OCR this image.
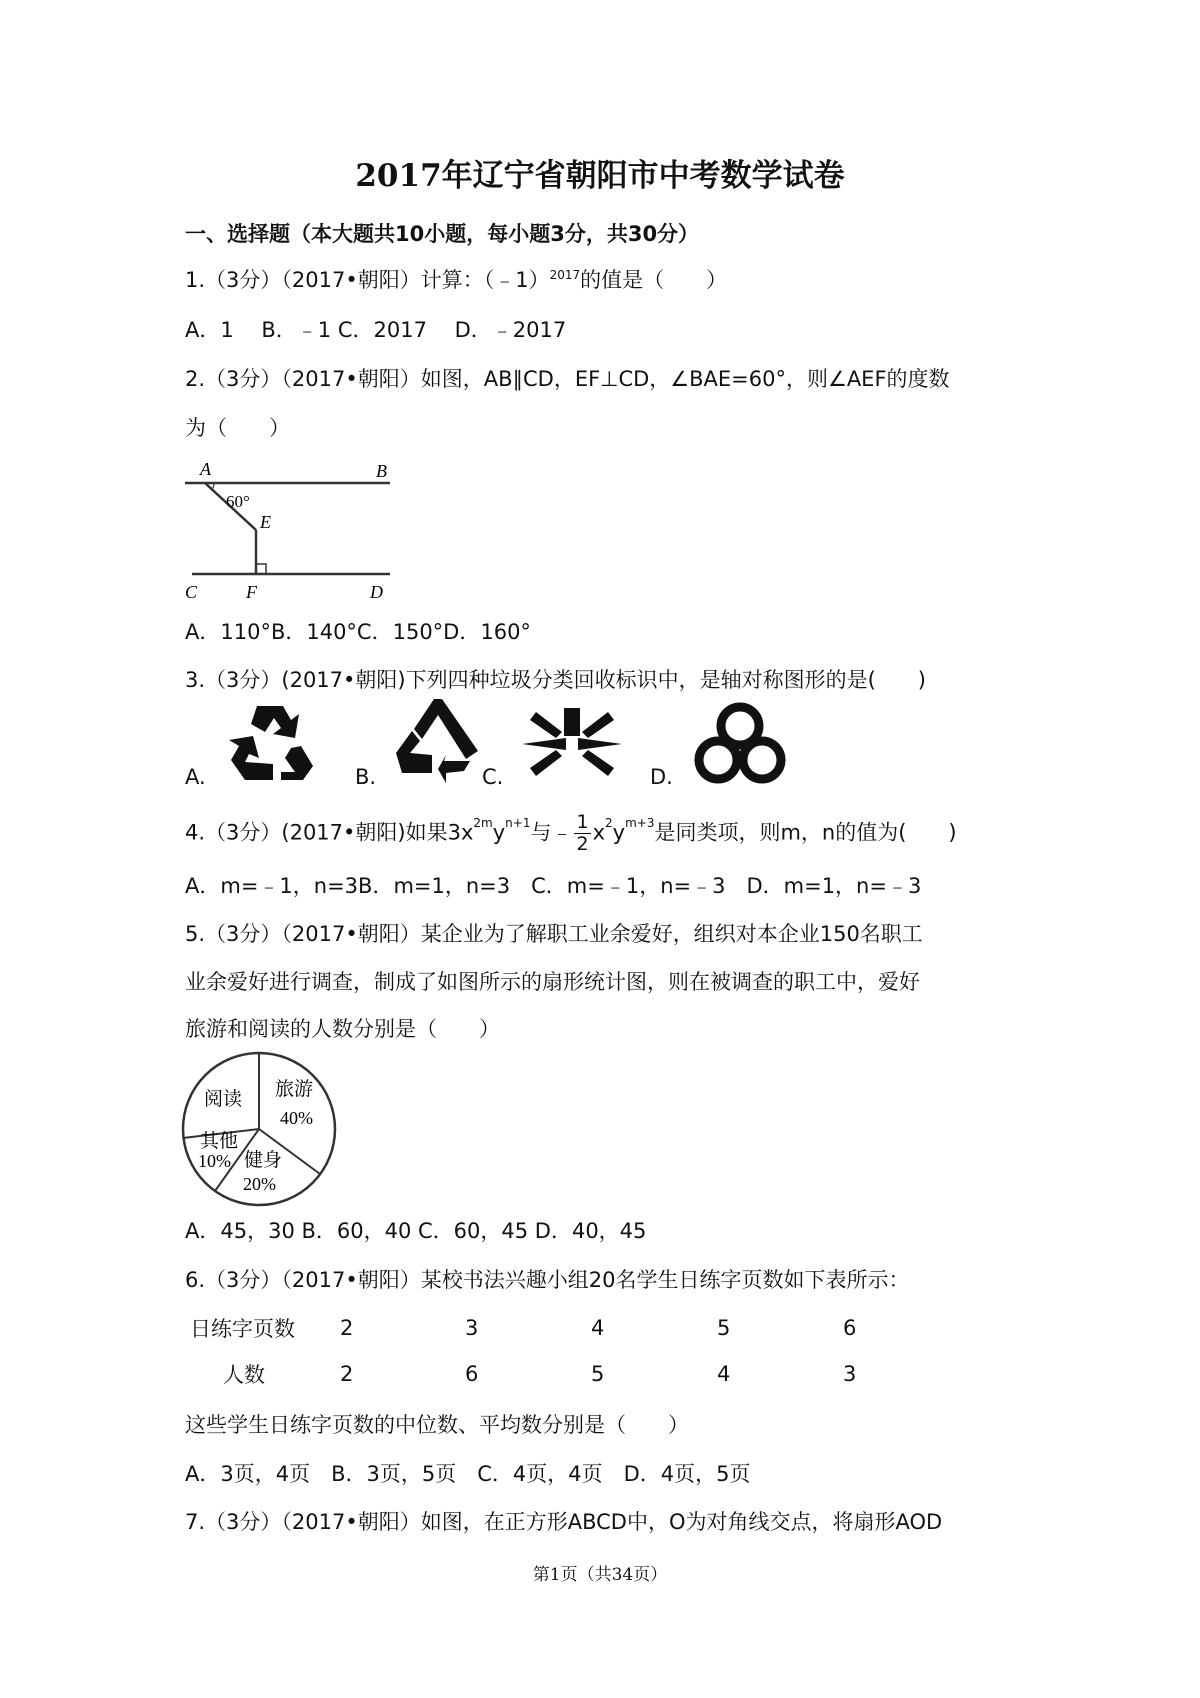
2017年辽宁省朝阳市中考数学试卷
一、选择题（本大题共10小题，每小题3分，共30分）
1.（3分）（2017•朝阳）计算：（﹣1）$^{2017}$的值是（　　）
A．1　 B．﹣1 C．2017　 D．﹣2017
2.（3分）（2017•朝阳）如图，AB∥CD，EF⊥CD，∠BAE=60°，则∠AEF的度数
为（　　）
A	B
C	D
E
F
60°
A．110°B．140°C．150°D．160°
3.（3分）(2017•朝阳)下列四种垃圾分类回收标识中，是轴对称图形的是(　　)
A.	B.	C.	D.
4.（3分）(2017•朝阳)如果$3x^{2m}y^{n+1}$与﹣ $\frac{1}{2} x^2y^{m+3}$是同类项，则m，n的值为(　　)
A．m=﹣1，n=3B．m=1，n=3　C．m=﹣1，n=﹣3　D．m=1，n=﹣3
5.（3分）（2017•朝阳）某企业为了解职工业余爱好，组织对本企业150名职工
业余爱好进行调查，制成了如图所示的扇形统计图，则在被调查的职工中，爱好
旅游和阅读的人数分别是（　　）
阅读 旅游
40%
其他
10% 健身
20%
A．45，30 B．60，40 C．60，45 D．40，45
6.（3分）（2017•朝阳）某校书法兴趣小组20名学生日练字页数如下表所示：
日练字页数	2	3	4	5	6
人数	2	6	5	4	3
这些学生日练字页数的中位数、平均数分别是（　　）
A．3页，4页　B．3页，5页　C．4页，4页　D．4页，5页
7.（3分）（2017•朝阳）如图，在正方形ABCD中，O为对角线交点，将扇形AOD
第1页（共34页）
